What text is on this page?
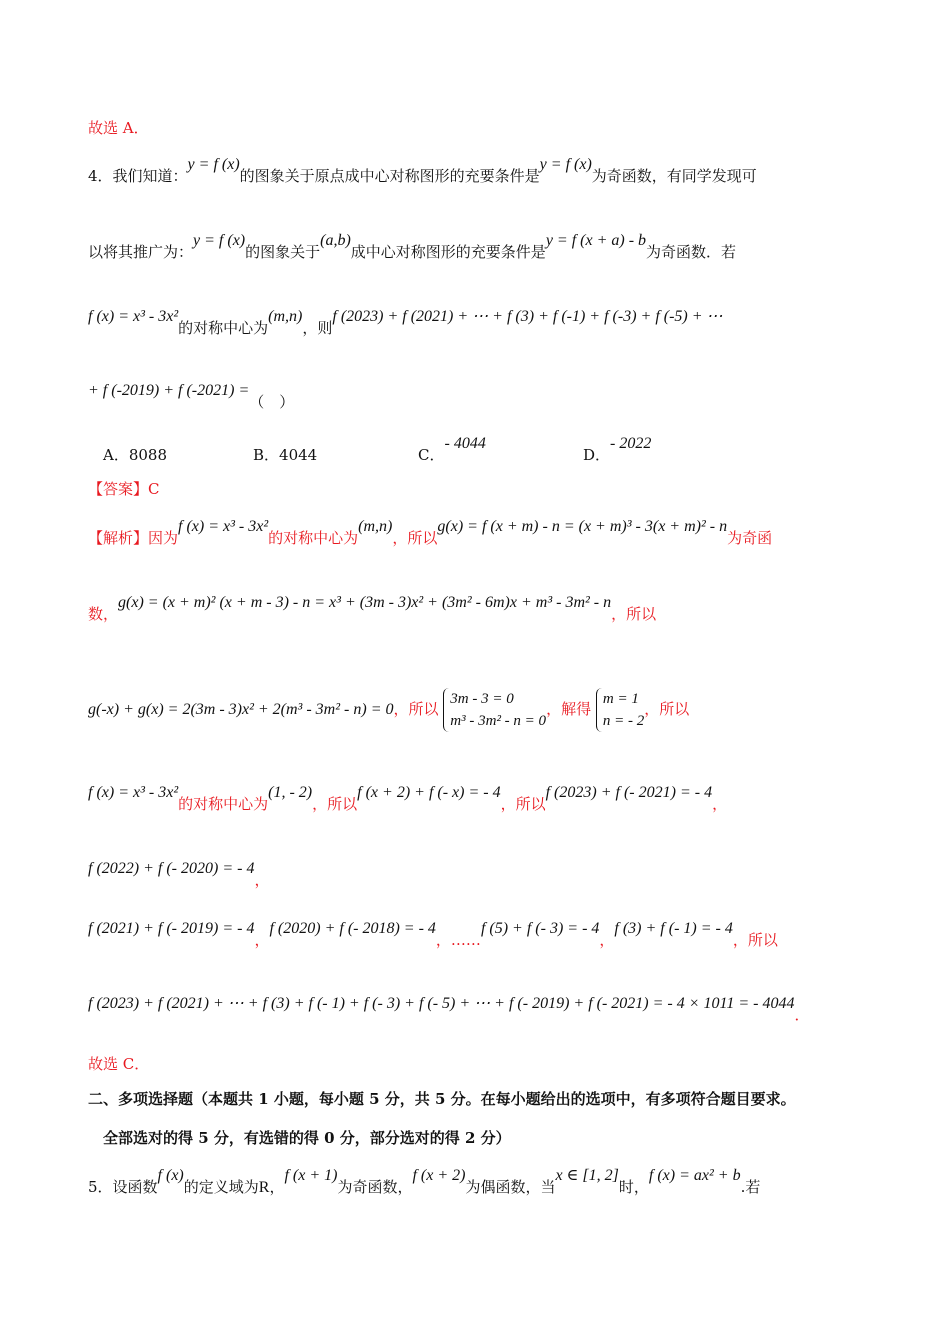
故选 A．
4．我们知道：y = f (x)的图象关于原点成中心对称图形的充要条件是y = f (x)为奇函数，有同学发现可
以将其推广为：y = f (x)的图象关于(a,b)成中心对称图形的充要条件是y = f (x + a) - b为奇函数．若
f (x) = x³ - 3x²的对称中心为(m,n)，则f (2023) + f (2021) + ⋯ + f (3) + f (-1) + f (-3) + f (-5) + ⋯
+ f (-2019) + f (-2021) =（　）
A．8088	B．4044	C．- 4044
D．- 2022
【答案】C
【解析】因为f (x) = x³ - 3x²的对称中心为(m,n)，所以g(x) = f (x + m) - n = (x + m)³ - 3(x + m)² - n为奇函
数，g(x) = (x + m)² (x + m - 3) - n = x³ + (3m - 3)x² + (3m² - 6m)x + m³ - 3m² - n，所以
g(-x) + g(x) = 2(3m - 3)x² + 2(m³ - 3m² - n) = 0，所以 3m - 3 = 0
m³ - 3m² - n = 0，解得 m = 1
n = - 2，所以
f (x) = x³ - 3x²的对称中心为(1, - 2)，所以f (x + 2) + f (- x) = - 4，所以f (2023) + f (- 2021) = - 4，
f (2022) + f (- 2020) = - 4，
f (2021) + f (- 2019) = - 4，f (2020) + f (- 2018) = - 4，……f (5) + f (- 3) = - 4，f (3) + f (- 1) = - 4，所以
f (2023) + f (2021) + ⋯ + f (3) + f (- 1) + f (- 3) + f (- 5) + ⋯ + f (- 2019) + f (- 2021) = - 4 × 1011 = - 4044．
故选 C．
二、多项选择题（本题共 1 小题，每小题 5 分，共 5 分。在每小题给出的选项中，有多项符合题目要求。
全部选对的得 5 分，有选错的得 0 分，部分选对的得 2 分）
5．设函数f (x)的定义域为R，f (x + 1)为奇函数，f (x + 2)为偶函数，当x ∈ [1, 2]时，f (x) = ax² + b.若
